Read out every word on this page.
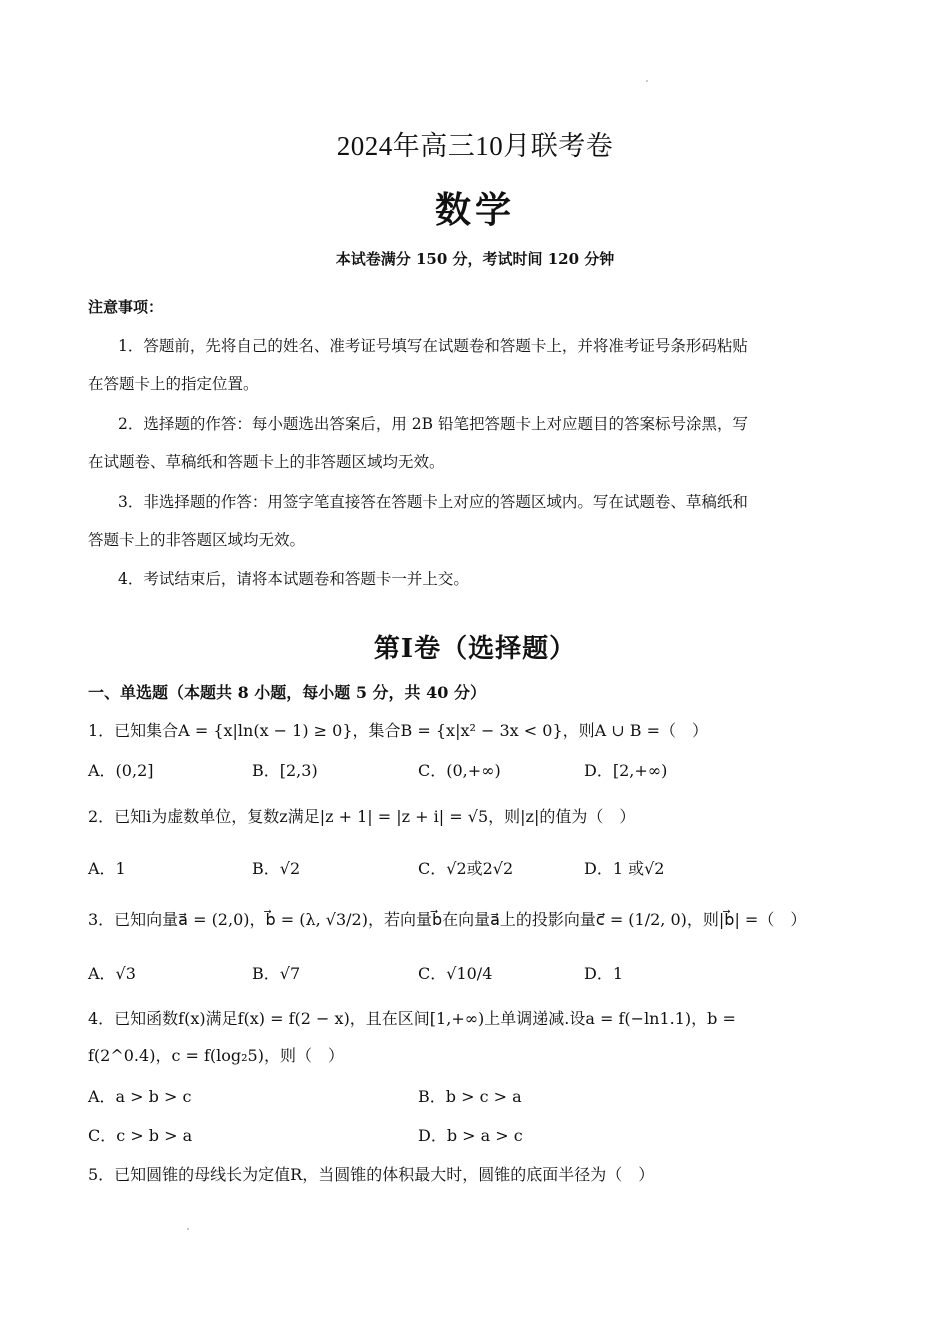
2024年高三10月联考卷
数学
本试卷满分 150 分，考试时间 120 分钟
注意事项：
1．答题前，先将自己的姓名、准考证号填写在试题卷和答题卡上，并将准考证号条形码粘贴
在答题卡上的指定位置。
2．选择题的作答：每小题选出答案后，用 2B 铅笔把答题卡上对应题目的答案标号涂黑，写
在试题卷、草稿纸和答题卡上的非答题区域均无效。
3．非选择题的作答：用签字笔直接答在答题卡上对应的答题区域内。写在试题卷、草稿纸和
答题卡上的非答题区域均无效。
4．考试结束后，请将本试题卷和答题卡一并上交。
第Ⅰ卷（选择题）
一、单选题（本题共 8 小题，每小题 5 分，共 40 分）
1．已知集合A = {x|ln(x − 1) ≥ 0}，集合B = {x|x² − 3x < 0}，则A ∪ B =（　）
A．(0,2]	B．[2,3)	C．(0,+∞)	D．[2,+∞)
2．已知i为虚数单位，复数z满足|z + 1| = |z + i| = √5，则|z|的值为（　）
A．1	B．√2	C．√2或2√2	D．1 或√2
3．已知向量a⃗ = (2,0)，b⃗ = (λ, √3/2)，若向量b⃗在向量a⃗上的投影向量c⃗ = (1/2, 0)，则|b⃗| =（　）
A．√3	B．√7	C．√10/4	D．1
4．已知函数f(x)满足f(x) = f(2 − x)，且在区间[1,+∞)上单调递减.设a = f(−ln1.1)，b =
f(2^0.4)，c = f(log₂5)，则（　）
A．a > b > c	B．b > c > a
C．c > b > a	D．b > a > c
5．已知圆锥的母线长为定值R，当圆锥的体积最大时，圆锥的底面半径为（　）
